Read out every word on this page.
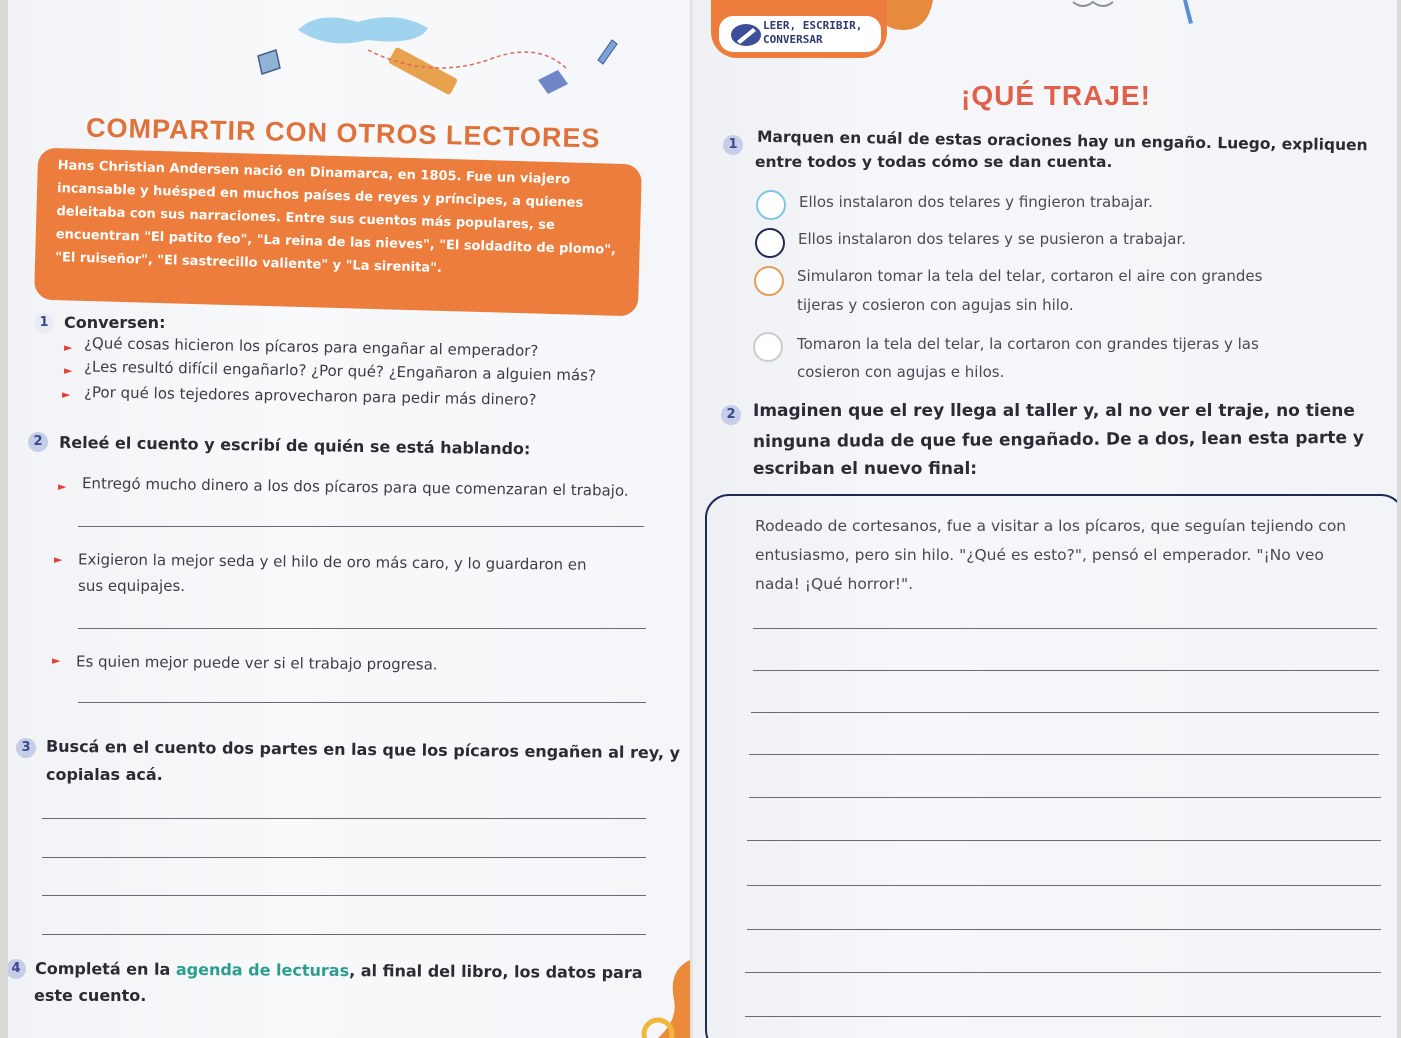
COMPARTIR CON OTROS LECTORES
Hans Christian Andersen nació en Dinamarca, en 1805. Fue un viajero incansable y huésped en muchos países de reyes y príncipes, a quienes deleitaba con sus narraciones. Entre sus cuentos más populares, se encuentran "El patito feo", "La reina de las nieves", "El soldadito de plomo", "El ruiseñor", "El sastrecillo valiente" y "La sirenita".
1 Conversen:
► ¿Qué cosas hicieron los pícaros para engañar al emperador?
► ¿Les resultó difícil engañarlo? ¿Por qué? ¿Engañaron a alguien más?
► ¿Por qué los tejedores aprovecharon para pedir más dinero?
2	Releé el cuento y escribí de quién se está hablando:
► Entregó mucho dinero a los dos pícaros para que comenzaran el trabajo.
► Exigieron la mejor seda y el hilo de oro más caro, y lo guardaron en
sus equipajes.
► Es quien mejor puede ver si el trabajo progresa.
3 Buscá en el cuento dos partes en las que los pícaros engañen al rey, y
copialas acá.
4 Completá en la agenda de lecturas, al final del libro, los datos para
este cuento.
LEER, ESCRIBIR,
CONVERSAR
¡QUÉ TRAJE!
1	Marquen en cuál de estas oraciones hay un engaño. Luego, expliquen
entre todos y todas cómo se dan cuenta.
Ellos instalaron dos telares y fingieron trabajar.
Ellos instalaron dos telares y se pusieron a trabajar.
Simularon tomar la tela del telar, cortaron el aire con grandes
tijeras y cosieron con agujas sin hilo.
Tomaron la tela del telar, la cortaron con grandes tijeras y las
cosieron con agujas e hilos.
2	Imaginen que el rey llega al taller y, al no ver el traje, no tiene
ninguna duda de que fue engañado. De a dos, lean esta parte y
escriban el nuevo final:
Rodeado de cortesanos, fue a visitar a los pícaros, que seguían tejiendo con entusiasmo, pero sin hilo. "¿Qué es esto?", pensó el emperador. "¡No veo nada! ¡Qué horror!".
